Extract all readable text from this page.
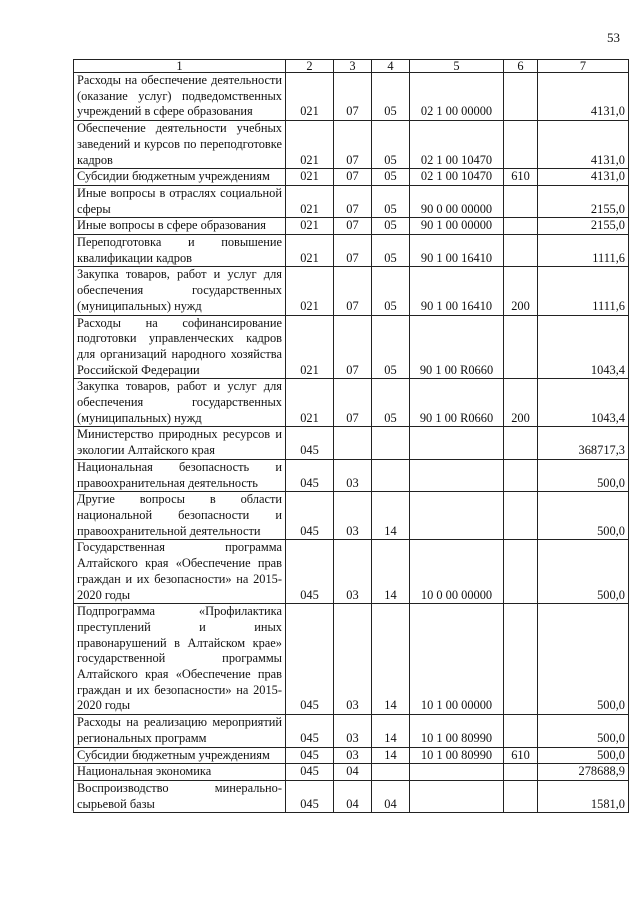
53
1	2	3	4	5	6	7
Расходы на обеспечение деятельности (оказание услуг) подведомственных учреждений в сфере образования	021	07	05	02 1 00 00000		4131,0
Обеспечение деятельности учебных заведений и курсов по переподготовке кадров	021	07	05	02 1 00 10470		4131,0
Субсидии бюджетным учреждениям	021	07	05	02 1 00 10470	610	4131,0
Иные вопросы в отраслях социальной сферы	021	07	05	90 0 00 00000		2155,0
Иные вопросы в сфере образования	021	07	05	90 1 00 00000		2155,0
Переподготовка и повышение квалификации кадров	021	07	05	90 1 00 16410		1111,6
Закупка товаров, работ и услуг для обеспечения государственных (муниципальных) нужд	021	07	05	90 1 00 16410	200	1111,6
Расходы на софинансирование подготовки управленческих кадров для организаций народного хозяйства Российской Федерации	021	07	05	90 1 00 R0660		1043,4
Закупка товаров, работ и услуг для обеспечения государственных (муниципальных) нужд	021	07	05	90 1 00 R0660	200	1043,4
Министерство природных ресурсов и экологии Алтайского края	045					368717,3
Национальная безопасность и правоохранительная деятельность	045	03				500,0
Другие вопросы в области национальной безопасности и правоохранительной деятельности	045	03	14			500,0
Государственная программа Алтайского края «Обеспечение прав граждан и их безопасности» на 2015-2020 годы	045	03	14	10 0 00 00000		500,0
Подпрограмма «Профилактика преступлений и иных правонарушений в Алтайском крае» государственной программы Алтайского края «Обеспечение прав граждан и их безопасности» на 2015-2020 годы	045	03	14	10 1 00 00000		500,0
Расходы на реализацию мероприятий региональных программ	045	03	14	10 1 00 80990		500,0
Субсидии бюджетным учреждениям	045	03	14	10 1 00 80990	610	500,0
Национальная экономика	045	04				278688,9
Воспроизводство минерально-сырьевой базы	045	04	04			1581,0
